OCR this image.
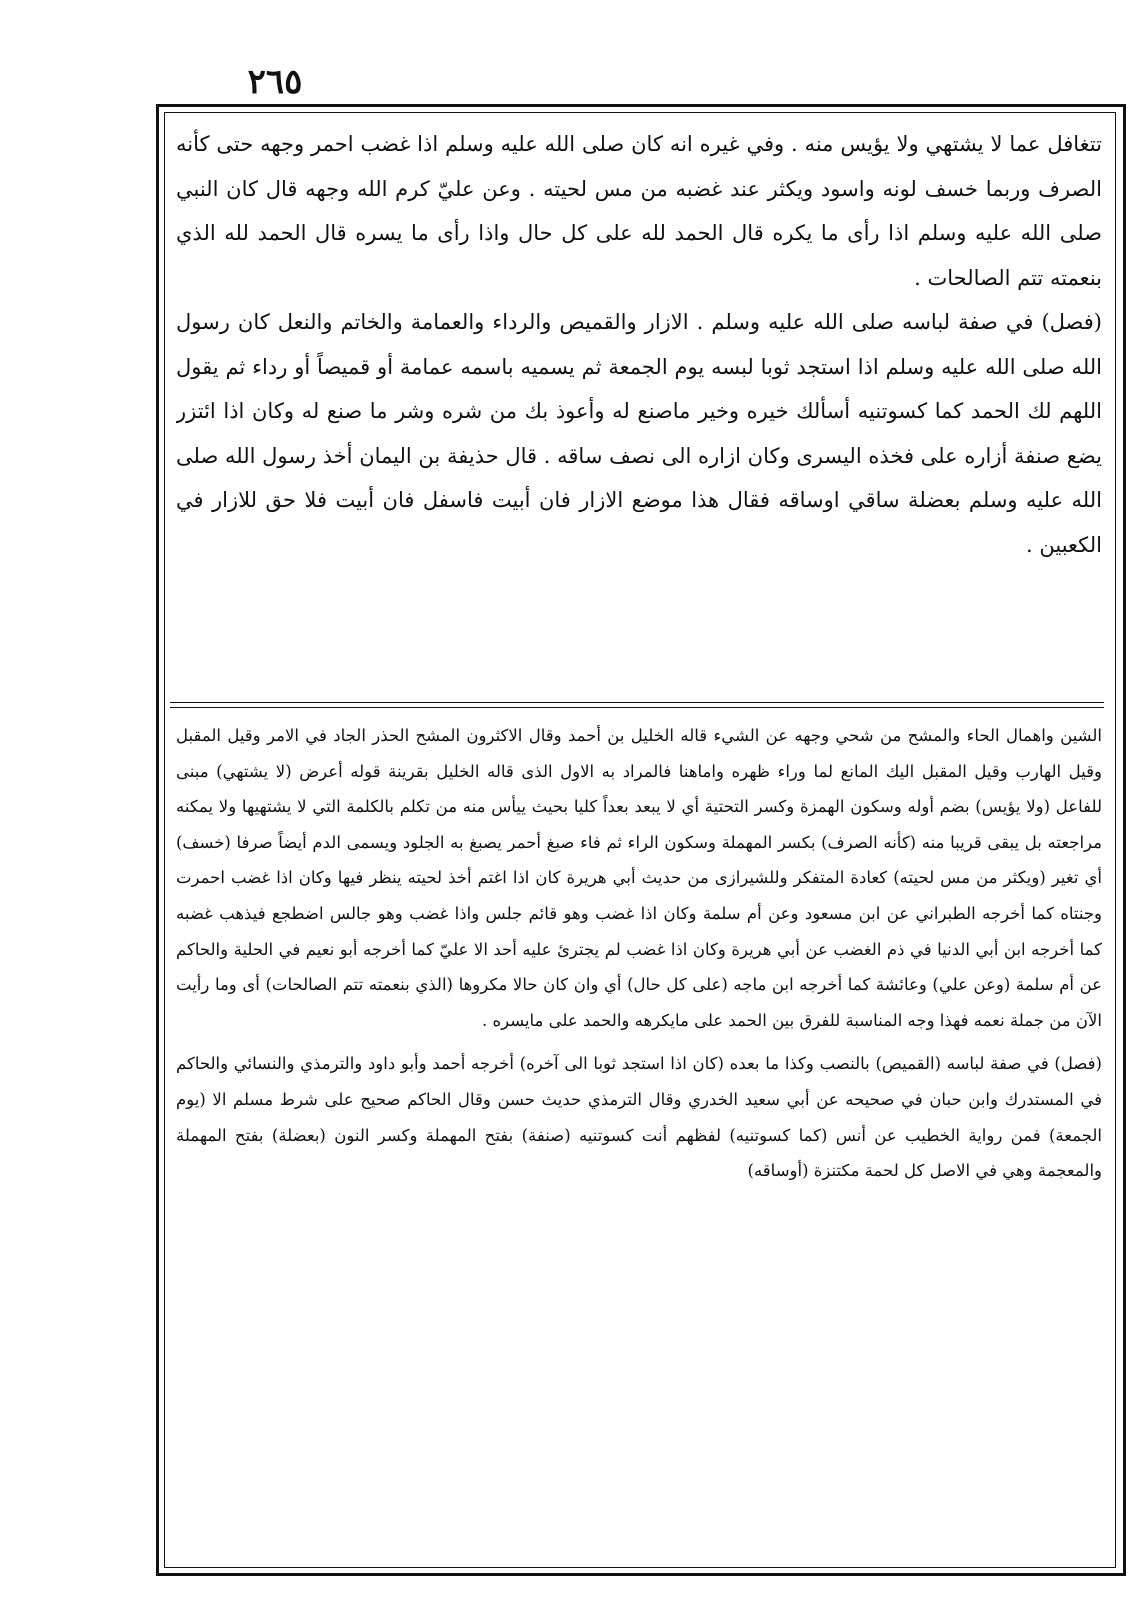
٢٦٥

تتغافل عما لا يشتهي ولا يؤيس منه . وفي غيره انه كان صلى الله عليه وسلم اذا غضب احمر وجهه حتى كأنه الصرف وربما خسف لونه واسود ويكثر عند غضبه من مس لحيته . وعن عليّ كرم الله وجهه قال كان النبي صلى الله عليه وسلم اذا رأى ما يكره قال الحمد لله على كل حال واذا رأى ما يسره قال الحمد لله الذي بنعمته تتم الصالحات .

(فصل) في صفة لباسه صلى الله عليه وسلم . الازار والقميص والرداء والعمامة والخاتم والنعل كان رسول الله صلى الله عليه وسلم اذا استجد ثوبا لبسه يوم الجمعة ثم يسميه باسمه عمامة أو قميصاً أو رداء ثم يقول اللهم لك الحمد كما كسوتنيه أسألك خيره وخير ماصنع له وأعوذ بك من شره وشر ما صنع له وكان اذا ائتزر يضع صنفة أزاره على فخذه اليسرى وكان ازاره الى نصف ساقه . قال حذيفة بن اليمان أخذ رسول الله صلى الله عليه وسلم بعضلة ساقي اوساقه فقال هذا موضع الازار فان أبيت فاسفل فان أبيت فلا حق للازار في الكعبين .

الشين واهمال الحاء والمشح من شحي وجهه عن الشيء قاله الخليل بن أحمد وقال الاكثرون المشح الحذر الجاد في الامر وقيل المقبل وقيل الهارب وقيل المقبل اليك المانع لما وراء ظهره واماهنا فالمراد به الاول الذى قاله الخليل بقرينة قوله أعرض (لا يشتهي) مبنى للفاعل (ولا يؤيس) بضم أوله وسكون الهمزة وكسر التحتية أي لا يبعد بعداً كليا بحيث ييأس منه من تكلم بالكلمة التي لا يشتهيها ولا يمكنه مراجعته بل يبقى قريبا منه (كأنه الصرف) بكسر المهملة وسكون الراء ثم فاء صبغ أحمر يصبغ به الجلود ويسمى الدم أيضاً صرفا (خسف) أي تغير (ويكثر من مس لحيته) كعادة المتفكر وللشيرازى من حديث أبي هريرة كان اذا اغتم أخذ لحيته ينظر فيها وكان اذا غضب احمرت وجنتاه كما أخرجه الطبراني عن ابن مسعود وعن أم سلمة وكان اذا غضب وهو قائم جلس واذا غضب وهو جالس اضطجع فيذهب غضبه كما أخرجه ابن أبي الدنيا في ذم الغضب عن أبي هريرة وكان اذا غضب لم يجترئ عليه أحد الا عليّ كما أخرجه أبو نعيم في الحلية والحاكم عن أم سلمة (وعن علي) وعائشة كما أخرجه ابن ماجه (على كل حال) أي وان كان حالا مكروها (الذي بنعمته تتم الصالحات) أى وما رأيت الآن من جملة نعمه فهذا وجه المناسبة للفرق بين الحمد على مايكرهه والحمد على مايسره .

(فصل) في صفة لباسه (القميص) بالنصب وكذا ما بعده (كان اذا استجد ثوبا الى آخره) أخرجه أحمد وأبو داود والترمذي والنسائي والحاكم في المستدرك وابن حبان في صحيحه عن أبي سعيد الخدري وقال الترمذي حديث حسن وقال الحاكم صحيح على شرط مسلم الا (يوم الجمعة) فمن رواية الخطيب عن أنس (كما كسوتنيه) لفظهم أنت كسوتنيه (صنفة) بفتح المهملة وكسر النون (بعضلة) بفتح المهملة والمعجمة وهي في الاصل كل لحمة مكتنزة (أوساقه)
